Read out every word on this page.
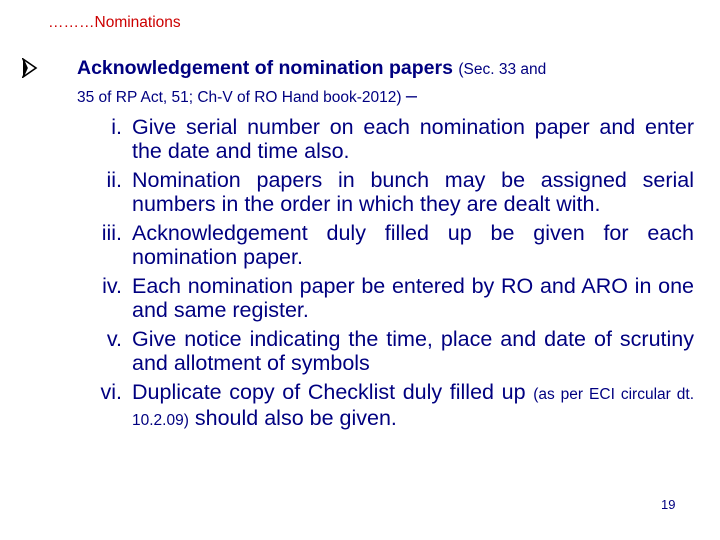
………Nominations
Acknowledgement of nomination papers (Sec. 33 and
35 of RP Act, 51; Ch-V of RO Hand book-2012) –
i. Give serial number on each nomination paper and enter the date and time also.
ii. Nomination papers in bunch may be assigned serial numbers in the order in which they are dealt with.
iii. Acknowledgement duly filled up be given for each nomination paper.
iv. Each nomination paper be entered by RO and ARO in one and same register.
v. Give notice indicating the time, place and date of scrutiny and allotment of symbols
vi. Duplicate copy of Checklist duly filled up (as per ECI circular dt. 10.2.09) should also be given.
19
